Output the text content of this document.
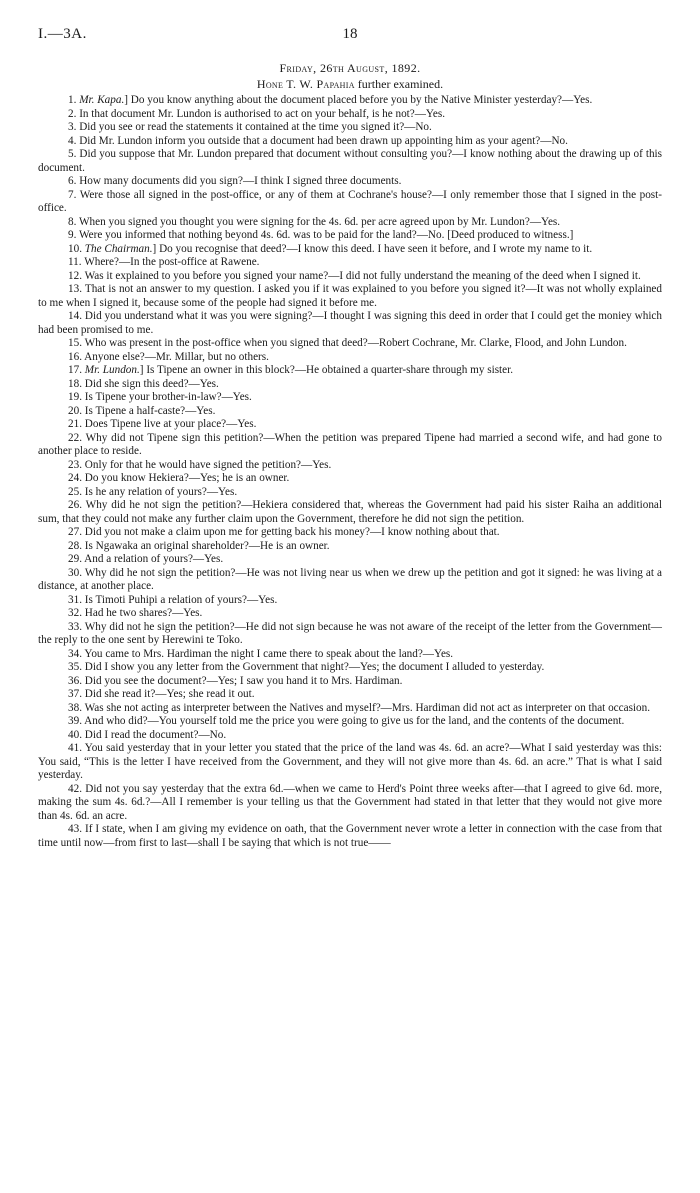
I.—3A.	18
Friday, 26th August, 1892.
Hone T. W. Papahia further examined.

1. Mr. Kapa.] Do you know anything about the document placed before you by the Native Minister yesterday?—Yes.

2. In that document Mr. Lundon is authorised to act on your behalf, is he not?—Yes.

3. Did you see or read the statements it contained at the time you signed it?—No.

4. Did Mr. Lundon inform you outside that a document had been drawn up appointing him as your agent?—No.

5. Did you suppose that Mr. Lundon prepared that document without consulting you?—I know nothing about the drawing up of this document.

6. How many documents did you sign?—I think I signed three documents.

7. Were those all signed in the post-office, or any of them at Cochrane's house?—I only remember those that I signed in the post-office.

8. When you signed you thought you were signing for the 4s. 6d. per acre agreed upon by Mr. Lundon?—Yes.

9. Were you informed that nothing beyond 4s. 6d. was to be paid for the land?—No. [Deed produced to witness.]

10. The Chairman.] Do you recognise that deed?—I know this deed. I have seen it before, and I wrote my name to it.

11. Where?—In the post-office at Rawene.

12. Was it explained to you before you signed your name?—I did not fully understand the meaning of the deed when I signed it.

13. That is not an answer to my question. I asked you if it was explained to you before you signed it?—It was not wholly explained to me when I signed it, because some of the people had signed it before me.

14. Did you understand what it was you were signing?—I thought I was signing this deed in order that I could get the moniey which had been promised to me.

15. Who was present in the post-office when you signed that deed?—Robert Cochrane, Mr. Clarke, Flood, and John Lundon.

16. Anyone else?—Mr. Millar, but no others.

17. Mr. Lundon.] Is Tipene an owner in this block?—He obtained a quarter-share through my sister.

18. Did she sign this deed?—Yes.

19. Is Tipene your brother-in-law?—Yes.

20. Is Tipene a half-caste?—Yes.

21. Does Tipene live at your place?—Yes.

22. Why did not Tipene sign this petition?—When the petition was prepared Tipene had married a second wife, and had gone to another place to reside.

23. Only for that he would have signed the petition?—Yes.

24. Do you know Hekiera?—Yes; he is an owner.

25. Is he any relation of yours?—Yes.

26. Why did he not sign the petition?—Hekiera considered that, whereas the Government had paid his sister Raiha an additional sum, that they could not make any further claim upon the Government, therefore he did not sign the petition.

27. Did you not make a claim upon me for getting back his money?—I know nothing about that.

28. Is Ngawaka an original shareholder?—He is an owner.

29. And a relation of yours?—Yes.

30. Why did he not sign the petition?—He was not living near us when we drew up the petition and got it signed: he was living at a distance, at another place.

31. Is Timoti Puhipi a relation of yours?—Yes.

32. Had he two shares?—Yes.

33. Why did not he sign the petition?—He did not sign because he was not aware of the receipt of the letter from the Government—the reply to the one sent by Herewini te Toko.

34. You came to Mrs. Hardiman the night I came there to speak about the land?—Yes.

35. Did I show you any letter from the Government that night?—Yes; the document I alluded to yesterday.

36. Did you see the document?—Yes; I saw you hand it to Mrs. Hardiman.

37. Did she read it?—Yes; she read it out.

38. Was she not acting as interpreter between the Natives and myself?—Mrs. Hardiman did not act as interpreter on that occasion.

39. And who did?—You yourself told me the price you were going to give us for the land, and the contents of the document.

40. Did I read the document?—No.

41. You said yesterday that in your letter you stated that the price of the land was 4s. 6d. an acre?—What I said yesterday was this: You said, “This is the letter I have received from the Government, and they will not give more than 4s. 6d. an acre.” That is what I said yesterday.

42. Did not you say yesterday that the extra 6d.—when we came to Herd's Point three weeks after—that I agreed to give 6d. more, making the sum 4s. 6d.?—All I remember is your telling us that the Government had stated in that letter that they would not give more than 4s. 6d. an acre.

43. If I state, when I am giving my evidence on oath, that the Government never wrote a letter in connection with the case from that time until now—from first to last—shall I be saying that which is not true——
